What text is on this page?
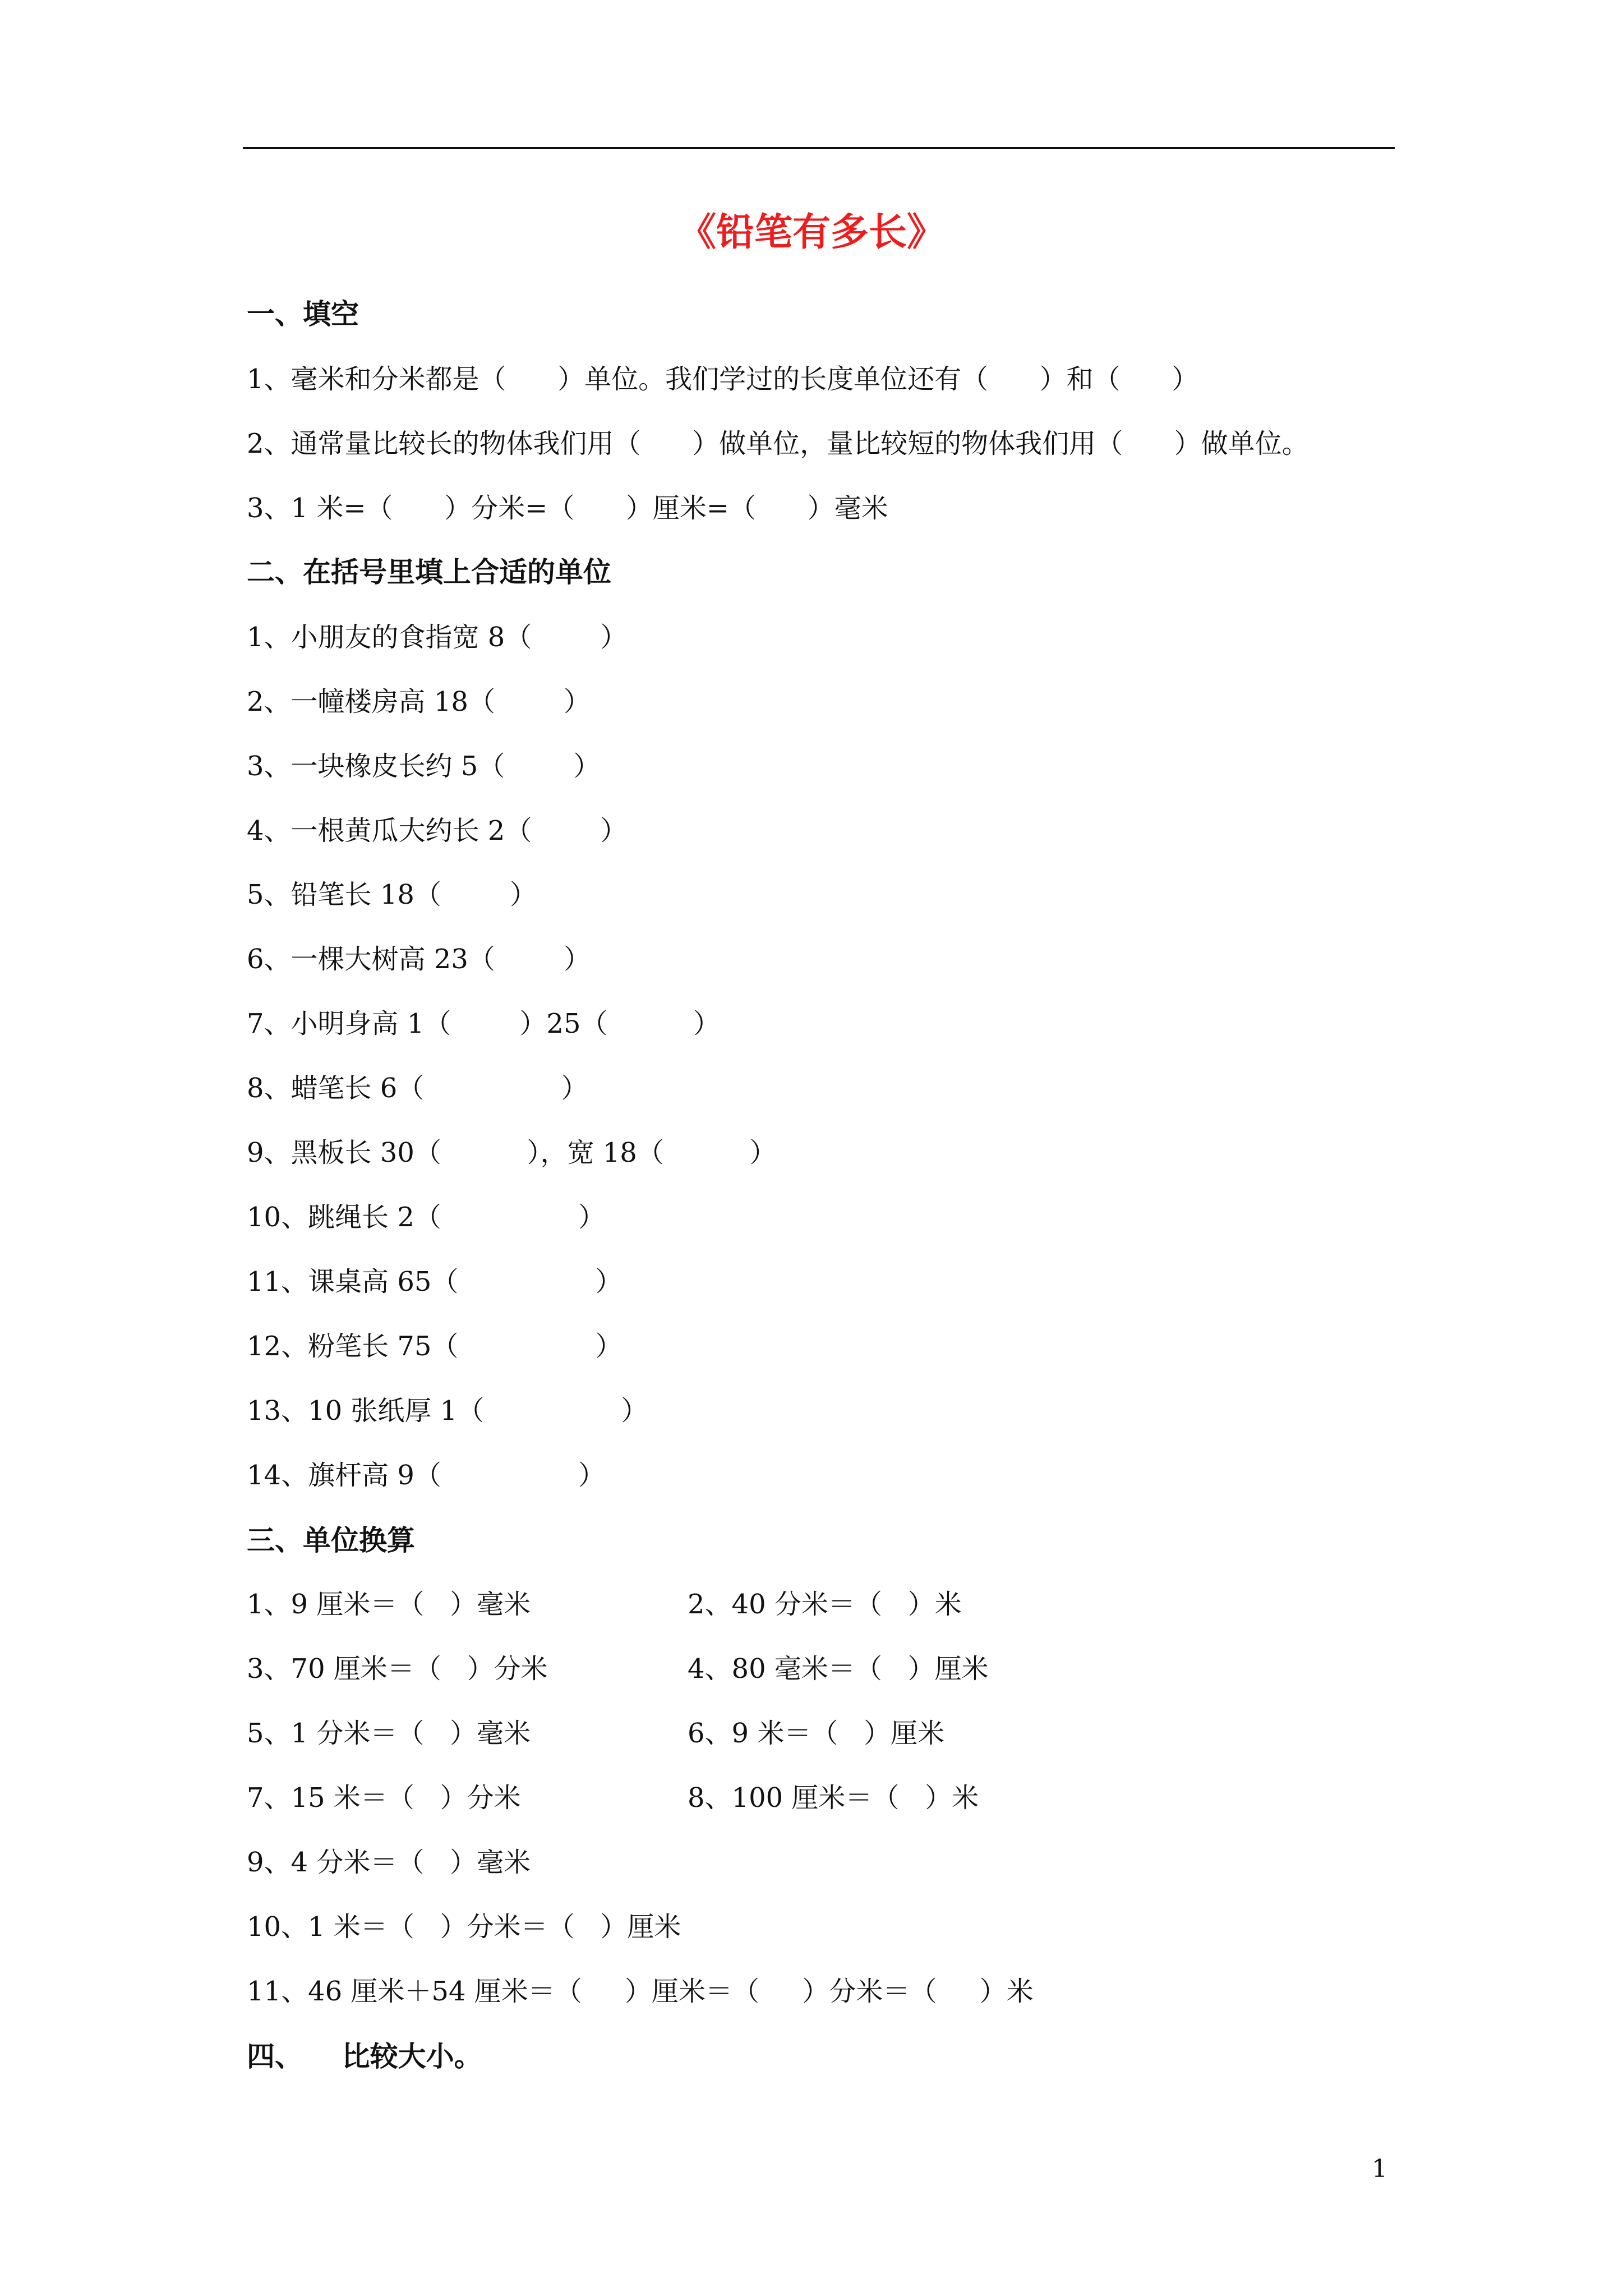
《铅笔有多长》
一、填空
1、毫米和分米都是（      ）单位。我们学过的长度单位还有（      ）和（      ）
2、通常量比较长的物体我们用（      ）做单位，量比较短的物体我们用（      ）做单位。
3、1 米=（      ）分米=（      ）厘米=（      ）毫米
二、在括号里填上合适的单位
1、小朋友的食指宽 8（        ）
2、一幢楼房高 18（        ）
3、一块橡皮长约 5（        ）
4、一根黄瓜大约长 2（        ）
5、铅笔长 18（        ）
6、一棵大树高 23（        ）
7、小明身高 1（        ）25（          ）
8、蜡笔长 6（                ）
9、黑板长 30（          ），宽 18（          ）
10、跳绳长 2（                ）
11、课桌高 65（                ）
12、粉笔长 75（                ）
13、10 张纸厚 1（                ）
14、旗杆高 9（                ）
三、单位换算
1、9 厘米＝（   ）毫米	2、40 分米＝（   ）米
3、70 厘米＝（   ）分米	4、80 毫米＝（   ）厘米
5、1 分米＝（   ）毫米	6、9 米＝（   ）厘米
7、15 米＝（   ）分米	8、100 厘米＝（   ）米
9、4 分米＝（   ）毫米
10、1 米＝（   ）分米＝（   ）厘米
11、46 厘米＋54 厘米＝（     ）厘米＝（     ）分米＝（     ）米
四、    比较大小。
1
